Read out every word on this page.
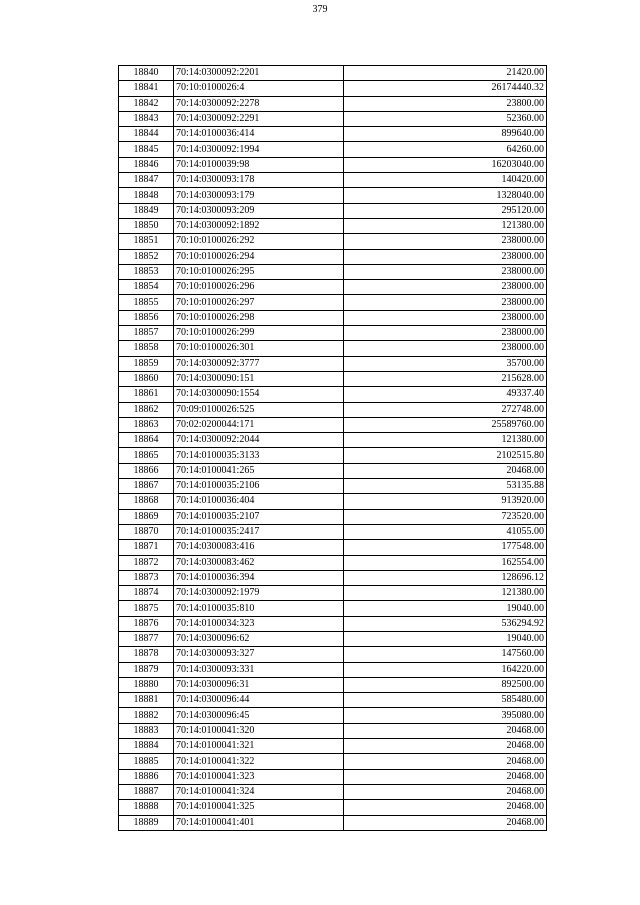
379
18840	70:14:0300092:2201	21420.00
18841	70:10:0100026:4	26174440.32
18842	70:14:0300092:2278	23800.00
18843	70:14:0300092:2291	52360.00
18844	70:14:0100036:414	899640.00
18845	70:14:0300092:1994	64260.00
18846	70:14:0100039:98	16203040.00
18847	70:14:0300093:178	140420.00
18848	70:14:0300093:179	1328040.00
18849	70:14:0300093:209	295120.00
18850	70:14:0300092:1892	121380.00
18851	70:10:0100026:292	238000.00
18852	70:10:0100026:294	238000.00
18853	70:10:0100026:295	238000.00
18854	70:10:0100026:296	238000.00
18855	70:10:0100026:297	238000.00
18856	70:10:0100026:298	238000.00
18857	70:10:0100026:299	238000.00
18858	70:10:0100026:301	238000.00
18859	70:14:0300092:3777	35700.00
18860	70:14:0300090:151	215628.00
18861	70:14:0300090:1554	49337.40
18862	70:09:0100026:525	272748.00
18863	70:02:0200044:171	25589760.00
18864	70:14:0300092:2044	121380.00
18865	70:14:0100035:3133	2102515.80
18866	70:14:0100041:265	20468.00
18867	70:14:0100035:2106	53135.88
18868	70:14:0100036:404	913920.00
18869	70:14:0100035:2107	723520.00
18870	70:14:0100035:2417	41055.00
18871	70:14:0300083:416	177548.00
18872	70:14:0300083:462	162554.00
18873	70:14:0100036:394	128696.12
18874	70:14:0300092:1979	121380.00
18875	70:14:0100035:810	19040.00
18876	70:14:0100034:323	536294.92
18877	70:14:0300096:62	19040.00
18878	70:14:0300093:327	147560.00
18879	70:14:0300093:331	164220.00
18880	70:14:0300096:31	892500.00
18881	70:14:0300096:44	585480.00
18882	70:14:0300096:45	395080.00
18883	70:14:0100041:320	20468.00
18884	70:14:0100041:321	20468.00
18885	70:14:0100041:322	20468.00
18886	70:14:0100041:323	20468.00
18887	70:14:0100041:324	20468.00
18888	70:14:0100041:325	20468.00
18889	70:14:0100041:401	20468.00
